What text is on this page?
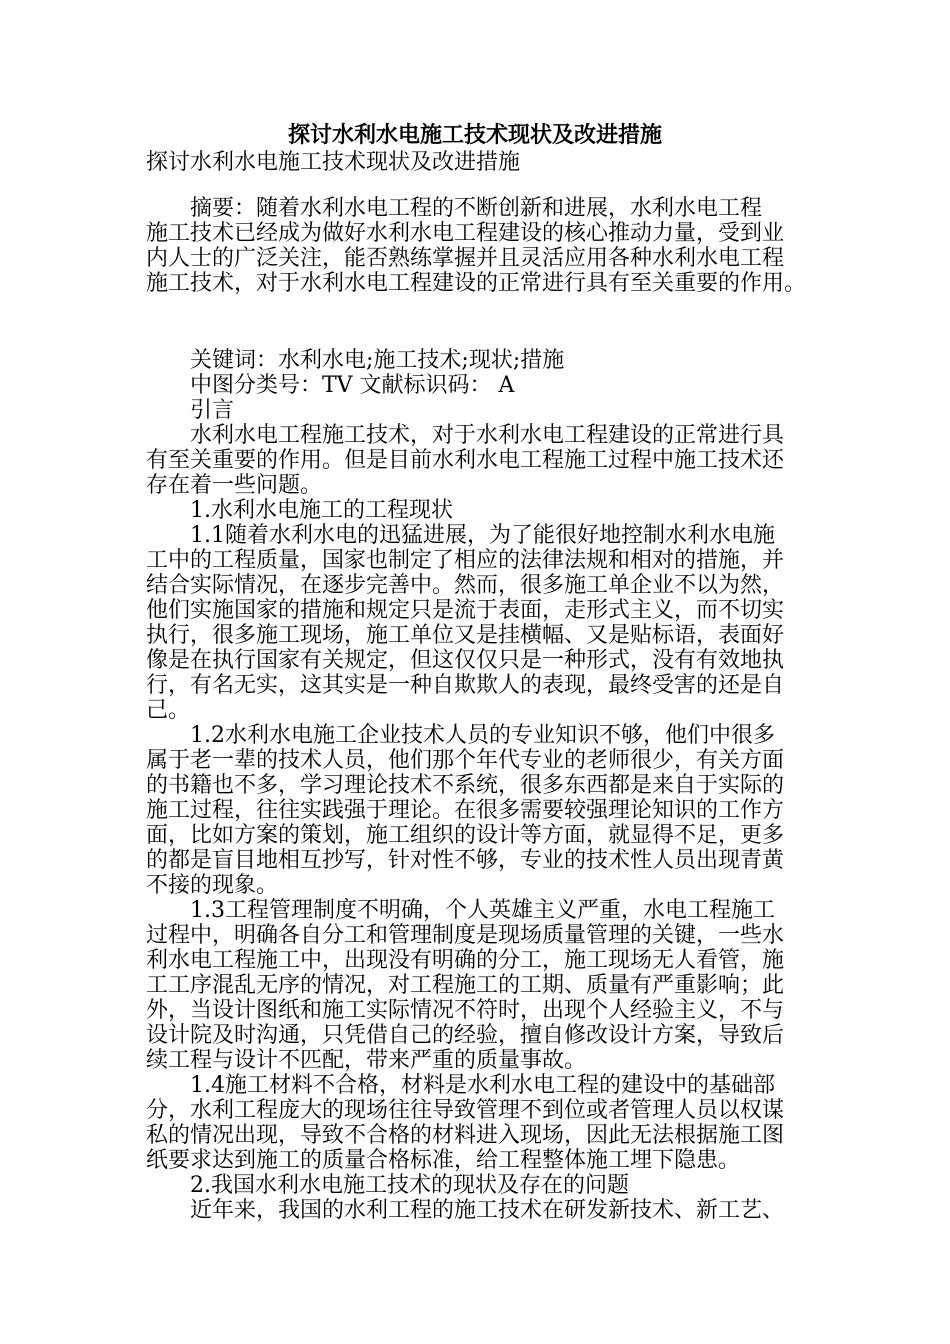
探讨水利水电施工技术现状及改进措施
探讨水利水电施工技术现状及改进措施
　　摘要：随着水利水电工程的不断创新和进展，水利水电工程
施工技术已经成为做好水利水电工程建设的核心推动力量，受到业
内人士的广泛关注，能否熟练掌握并且灵活应用各种水利水电工程
施工技术，对于水利水电工程建设的正常进行具有至关重要的作用。
　　关键词：水利水电;施工技术;现状;措施
　　中图分类号：TV 文献标识码： A
　　引言
　　水利水电工程施工技术，对于水利水电工程建设的正常进行具
有至关重要的作用。但是目前水利水电工程施工过程中施工技术还
存在着一些问题。
　　1.水利水电施工的工程现状
　　1.1随着水利水电的迅猛进展，为了能很好地控制水利水电施
工中的工程质量，国家也制定了相应的法律法规和相对的措施，并
结合实际情况，在逐步完善中。然而，很多施工单企业不以为然，
他们实施国家的措施和规定只是流于表面，走形式主义，而不切实
执行，很多施工现场，施工单位又是挂横幅、又是贴标语，表面好
像是在执行国家有关规定，但这仅仅只是一种形式，没有有效地执
行，有名无实，这其实是一种自欺欺人的表现，最终受害的还是自
己。
　　1.2水利水电施工企业技术人员的专业知识不够，他们中很多
属于老一辈的技术人员，他们那个年代专业的老师很少，有关方面
的书籍也不多，学习理论技术不系统，很多东西都是来自于实际的
施工过程，往往实践强于理论。在很多需要较强理论知识的工作方
面，比如方案的策划，施工组织的设计等方面，就显得不足，更多
的都是盲目地相互抄写，针对性不够，专业的技术性人员出现青黄
不接的现象。
　　1.3工程管理制度不明确，个人英雄主义严重，水电工程施工
过程中，明确各自分工和管理制度是现场质量管理的关键，一些水
利水电工程施工中，出现没有明确的分工，施工现场无人看管，施
工工序混乱无序的情况，对工程施工的工期、质量有严重影响；此
外，当设计图纸和施工实际情况不符时，出现个人经验主义，不与
设计院及时沟通，只凭借自己的经验，擅自修改设计方案，导致后
续工程与设计不匹配，带来严重的质量事故。
　　1.4施工材料不合格，材料是水利水电工程的建设中的基础部
分，水利工程庞大的现场往往导致管理不到位或者管理人员以权谋
私的情况出现，导致不合格的材料进入现场，因此无法根据施工图
纸要求达到施工的质量合格标准，给工程整体施工埋下隐患。
　　2.我国水利水电施工技术的现状及存在的问题
　　近年来，我国的水利工程的施工技术在研发新技术、新工艺、
